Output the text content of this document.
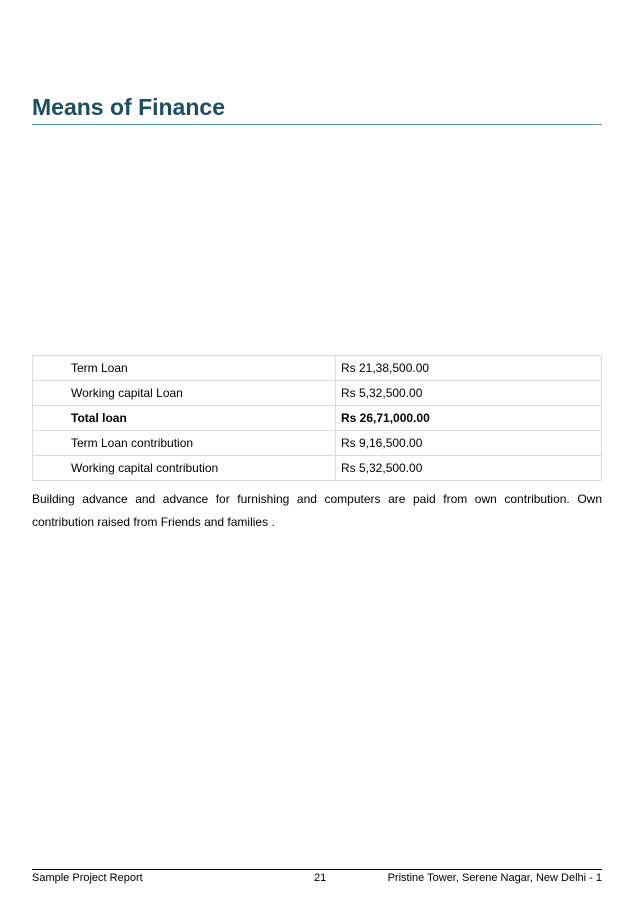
Means of Finance
Term Loan	Rs 21,38,500.00
Working capital Loan	Rs 5,32,500.00
Total loan	Rs 26,71,000.00
Term Loan contribution	Rs 9,16,500.00
Working capital contribution	Rs 5,32,500.00

Building advance and advance for furnishing and computers are paid from own contribution. Own contribution raised from Friends and families .

Sample Project Report	21	Pristine Tower, Serene Nagar, New Delhi - 1
